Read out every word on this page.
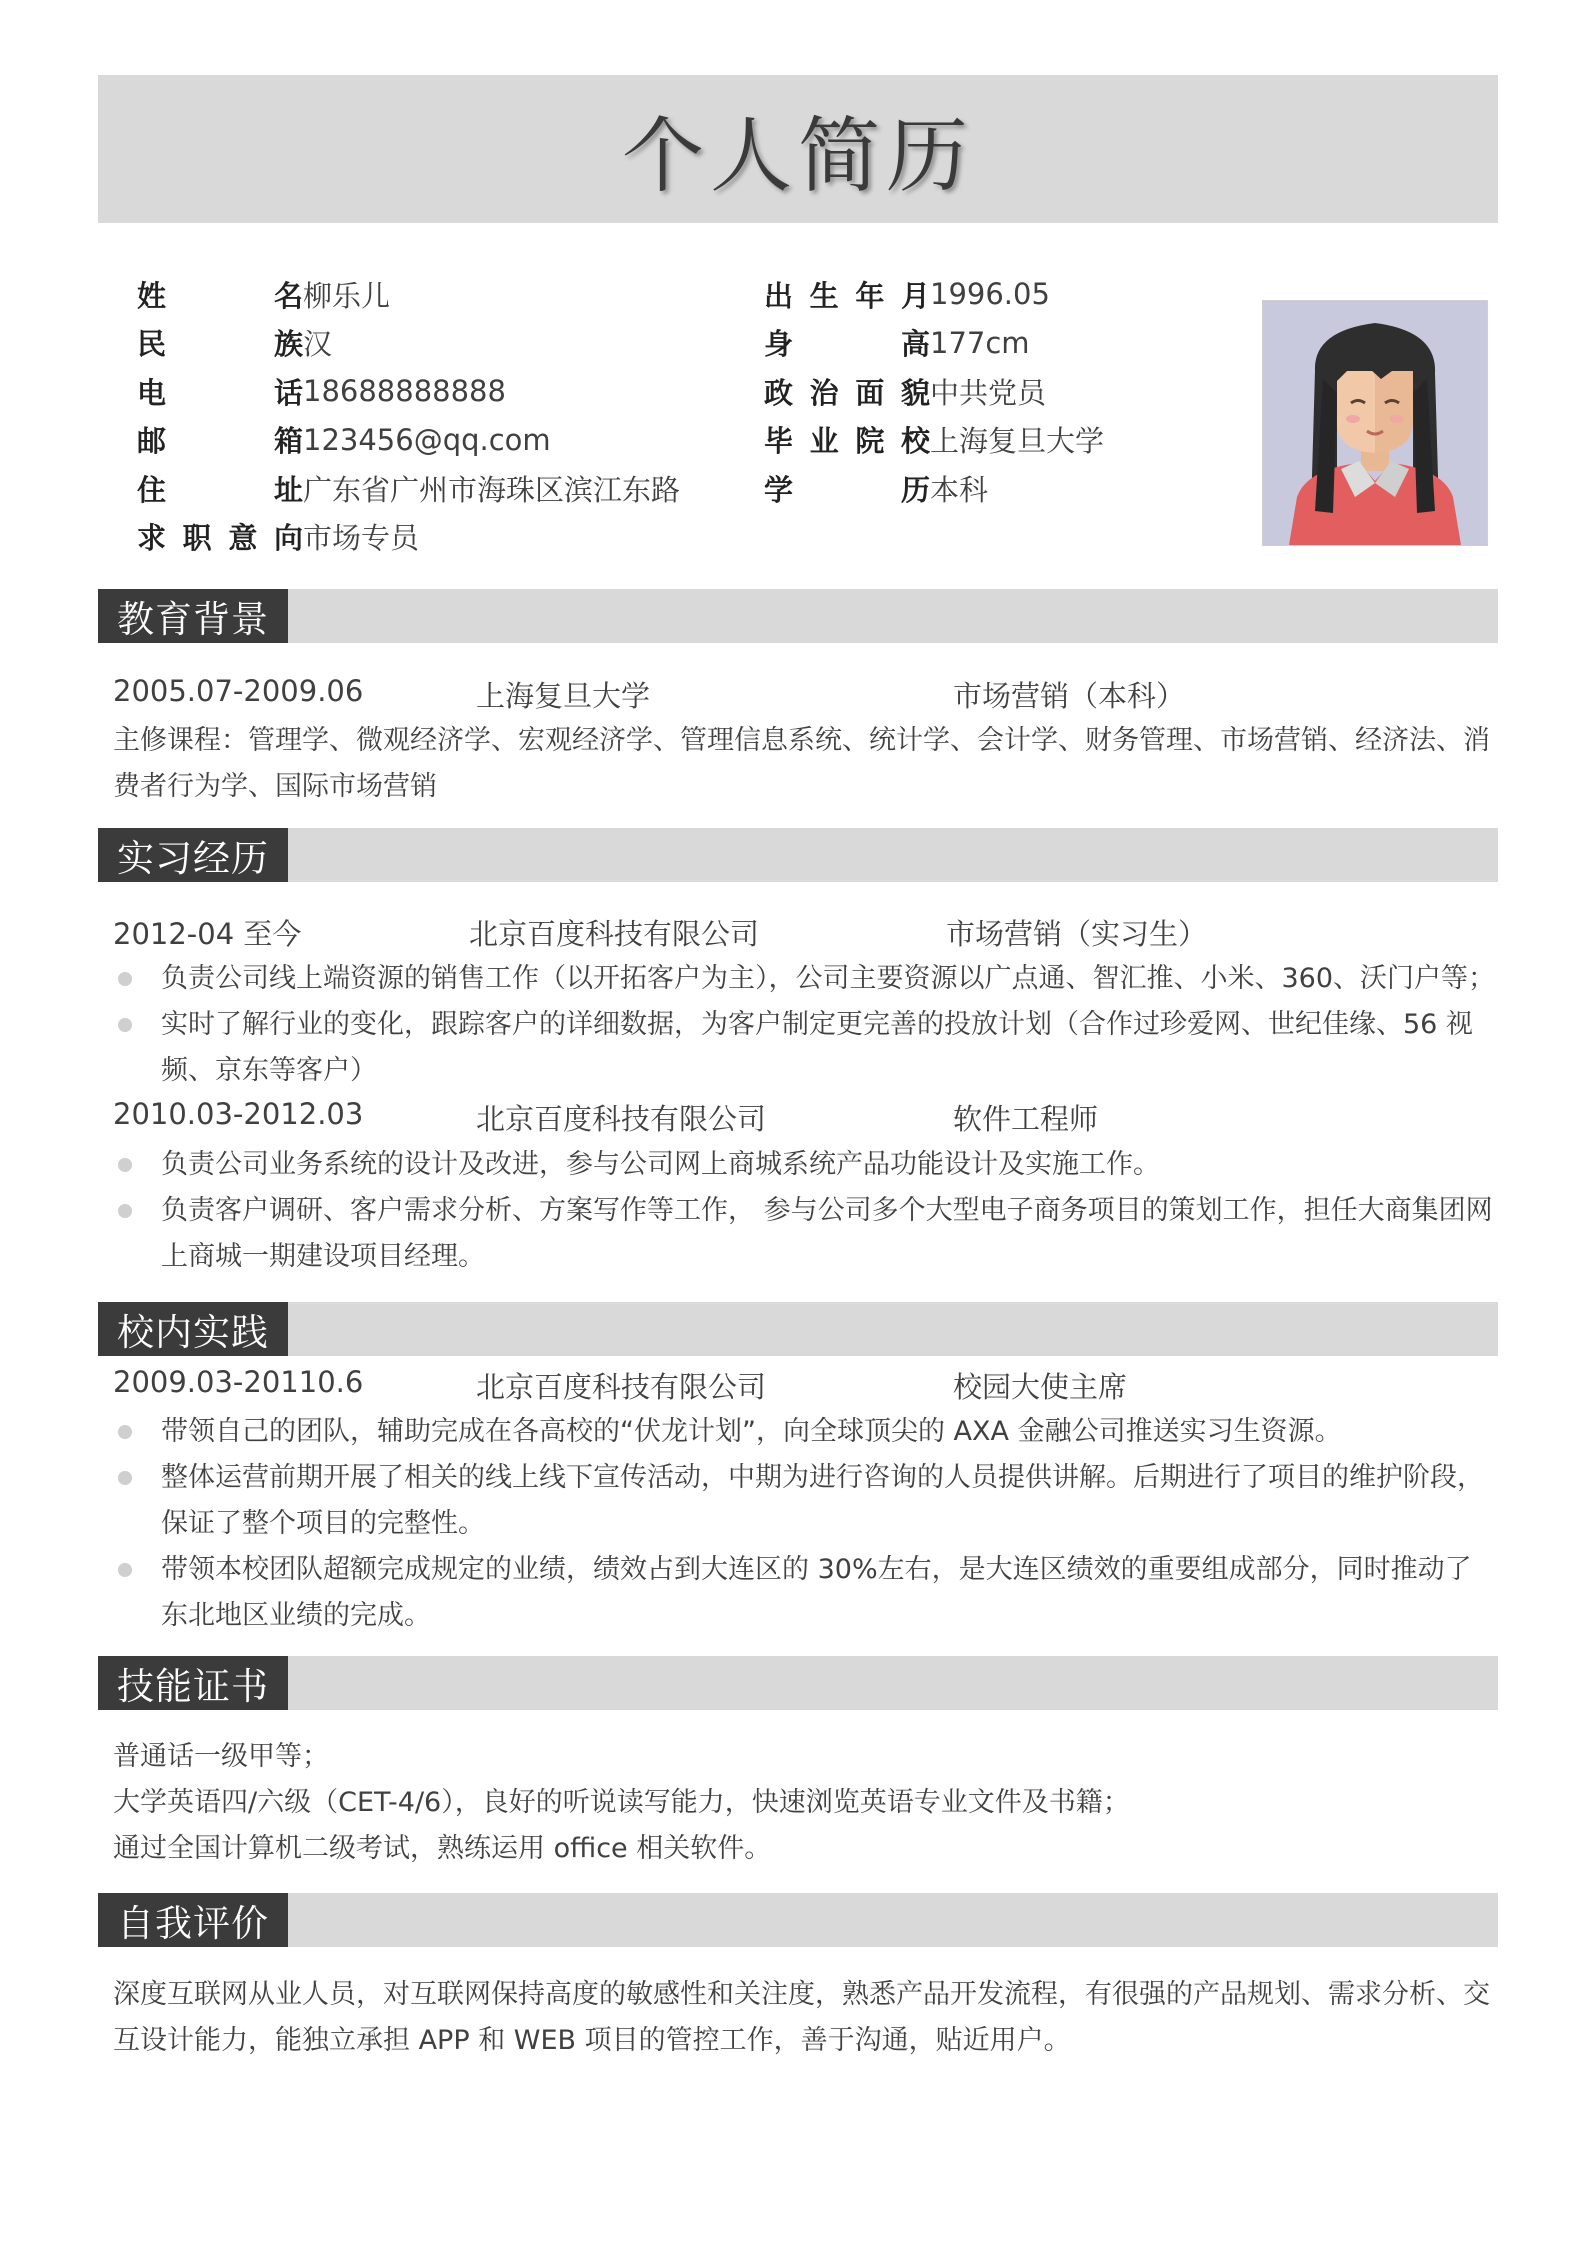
个人简历
姓名 柳乐儿
民族 汉
电话 18688888888
邮箱 123456@qq.com
住址 广东省广州市海珠区滨江东路
求职意向 市场专员
出生年月 1996.05
身高 177cm
政治面貌 中共党员
毕业院校 上海复旦大学
学历 本科
教育背景
2005.07-2009.06	上海复旦大学	市场营销（本科）
主修课程：管理学、微观经济学、宏观经济学、管理信息系统、统计学、会计学、财务管理、市场营销、经济法、消费者行为学、国际市场营销
实习经历
2012-04 至今	北京百度科技有限公司	市场营销（实习生）
负责公司线上端资源的销售工作（以开拓客户为主），公司主要资源以广点通、智汇推、小米、360、沃门户等；
实时了解行业的变化，跟踪客户的详细数据，为客户制定更完善的投放计划（合作过珍爱网、世纪佳缘、56 视频、京东等客户）
2010.03-2012.03	北京百度科技有限公司	软件工程师
负责公司业务系统的设计及改进，参与公司网上商城系统产品功能设计及实施工作。
负责客户调研、客户需求分析、方案写作等工作， 参与公司多个大型电子商务项目的策划工作，担任大商集团网上商城一期建设项目经理。
校内实践
2009.03-20110.6	北京百度科技有限公司	校园大使主席
带领自己的团队，辅助完成在各高校的“伏龙计划”，向全球顶尖的 AXA 金融公司推送实习生资源。
整体运营前期开展了相关的线上线下宣传活动，中期为进行咨询的人员提供讲解。后期进行了项目的维护阶段，保证了整个项目的完整性。
带领本校团队超额完成规定的业绩，绩效占到大连区的 30%左右，是大连区绩效的重要组成部分，同时推动了东北地区业绩的完成。
技能证书
普通话一级甲等；
大学英语四/六级（CET-4/6），良好的听说读写能力，快速浏览英语专业文件及书籍；
通过全国计算机二级考试，熟练运用 office 相关软件。
自我评价
深度互联网从业人员，对互联网保持高度的敏感性和关注度，熟悉产品开发流程，有很强的产品规划、需求分析、交互设计能力，能独立承担 APP 和 WEB 项目的管控工作，善于沟通，贴近用户。
